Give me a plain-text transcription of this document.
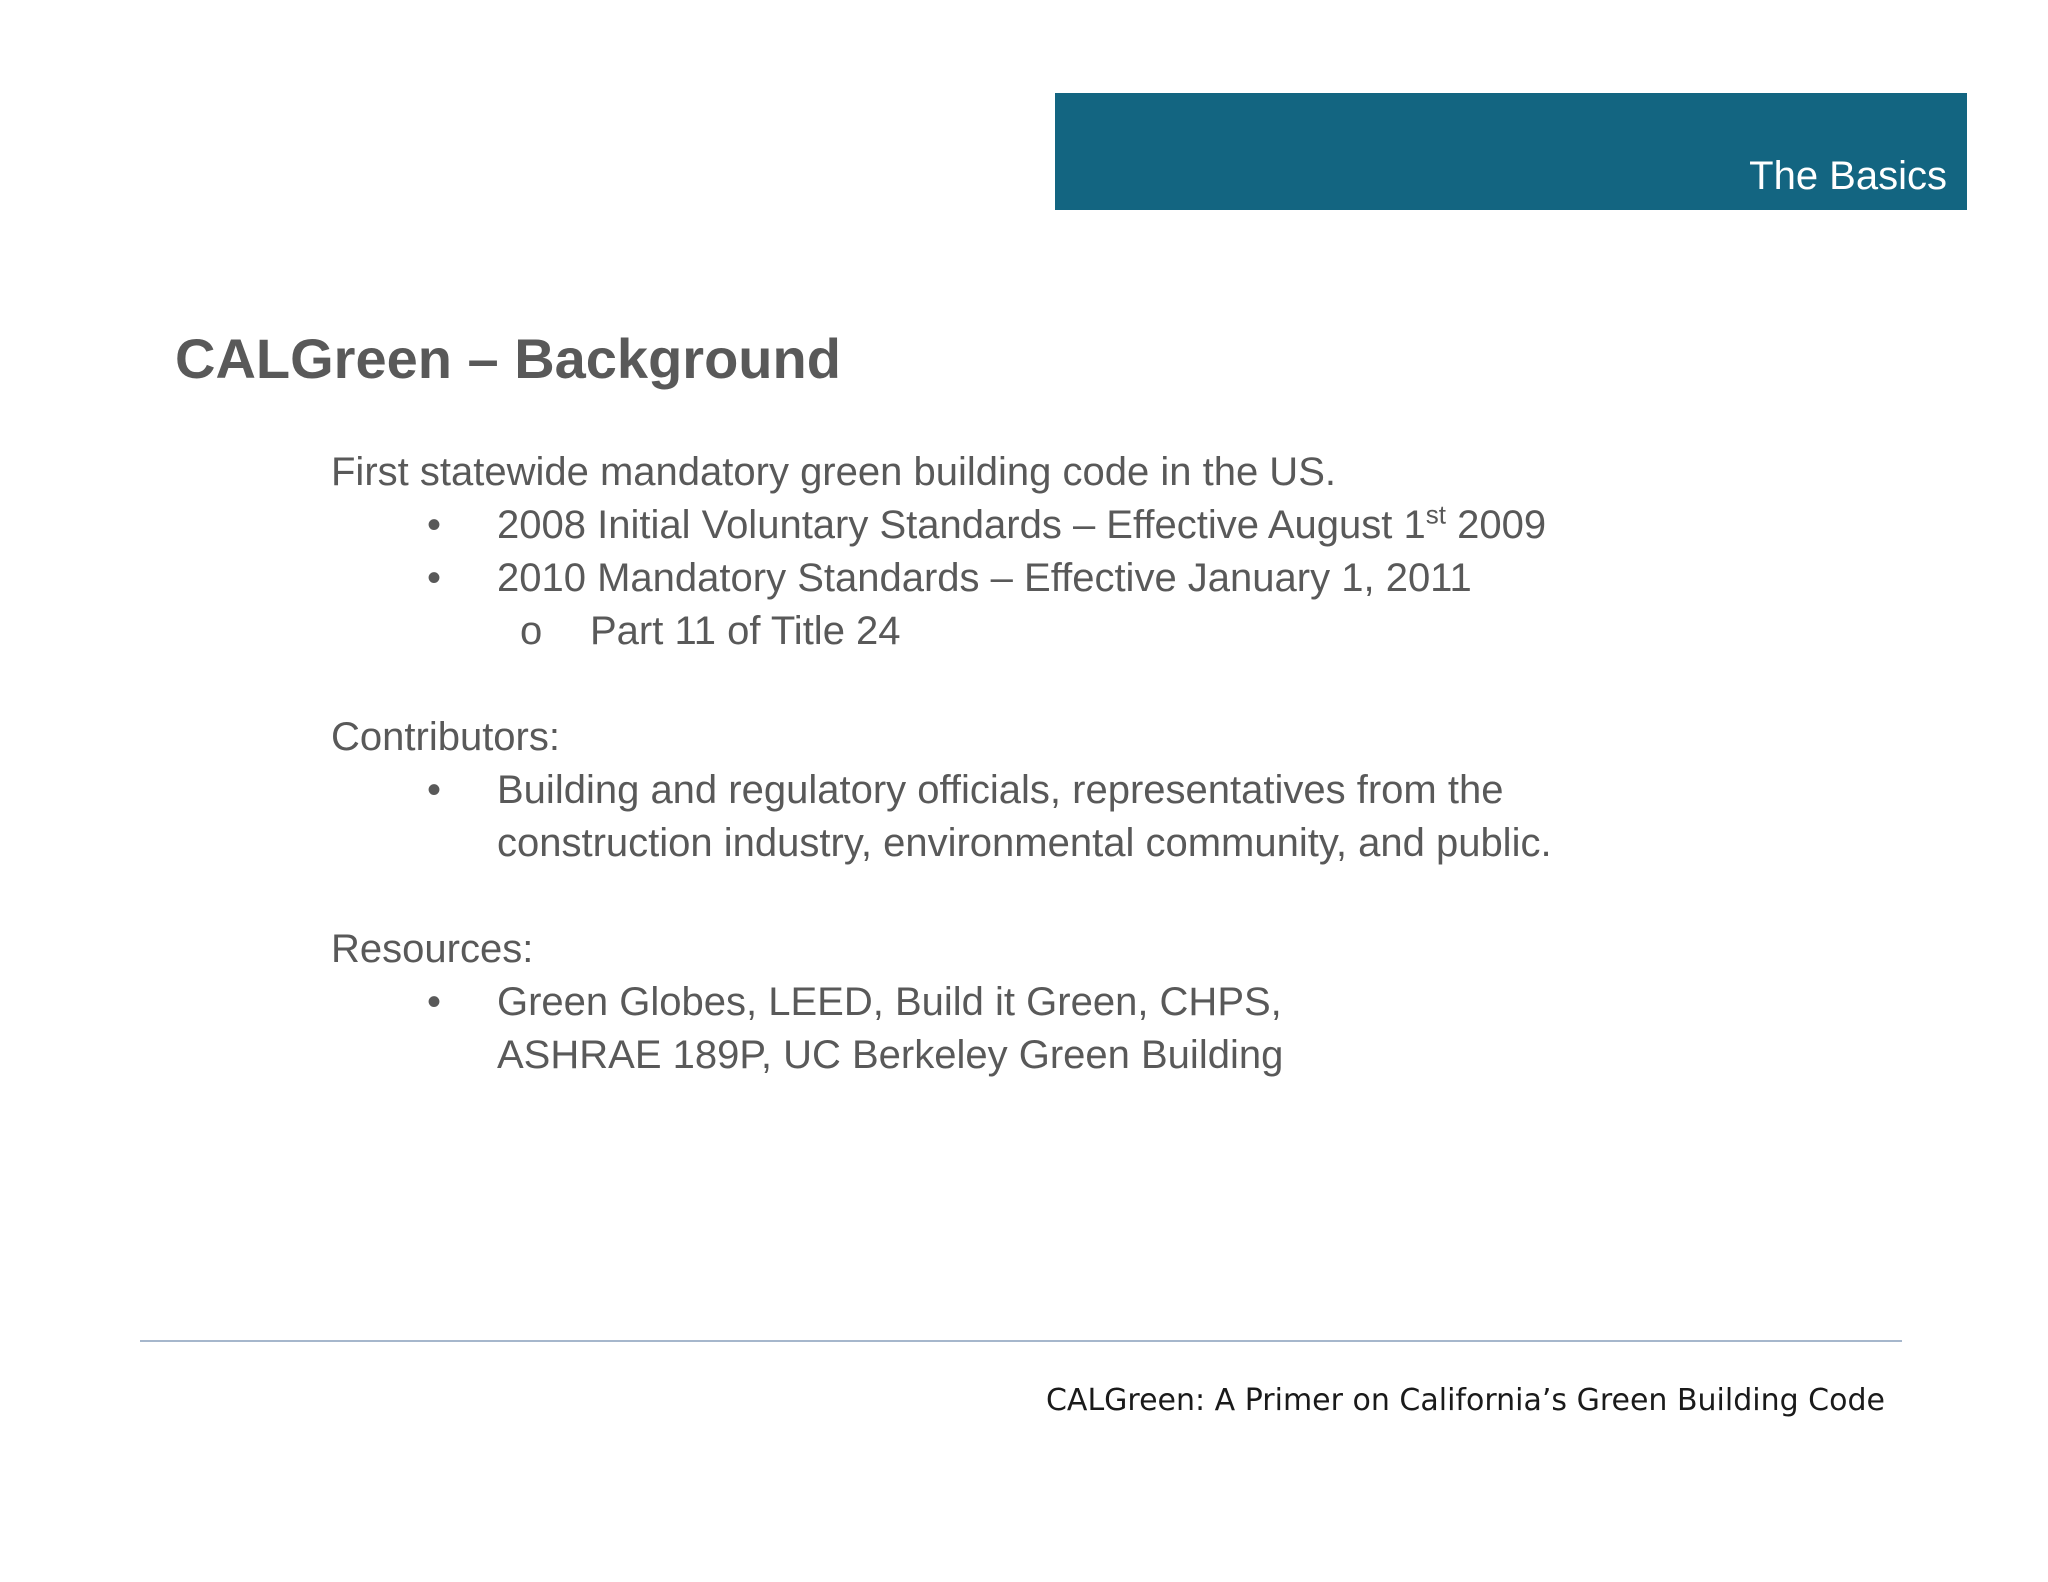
The Basics
CALGreen – Background

First statewide mandatory green building code in the US.

•	2008 Initial Voluntary Standards – Effective August 1st 2009
•	2010 Mandatory Standards – Effective January 1, 2011
o	Part 11 of Title 24

Contributors:

•	Building and regulatory officials, representatives from the
construction industry, environmental community, and public.

Resources:

•	Green Globes, LEED, Build it Green, CHPS,
ASHRAE 189P, UC Berkeley Green Building
CALGreen: A Primer on California’s Green Building Code
